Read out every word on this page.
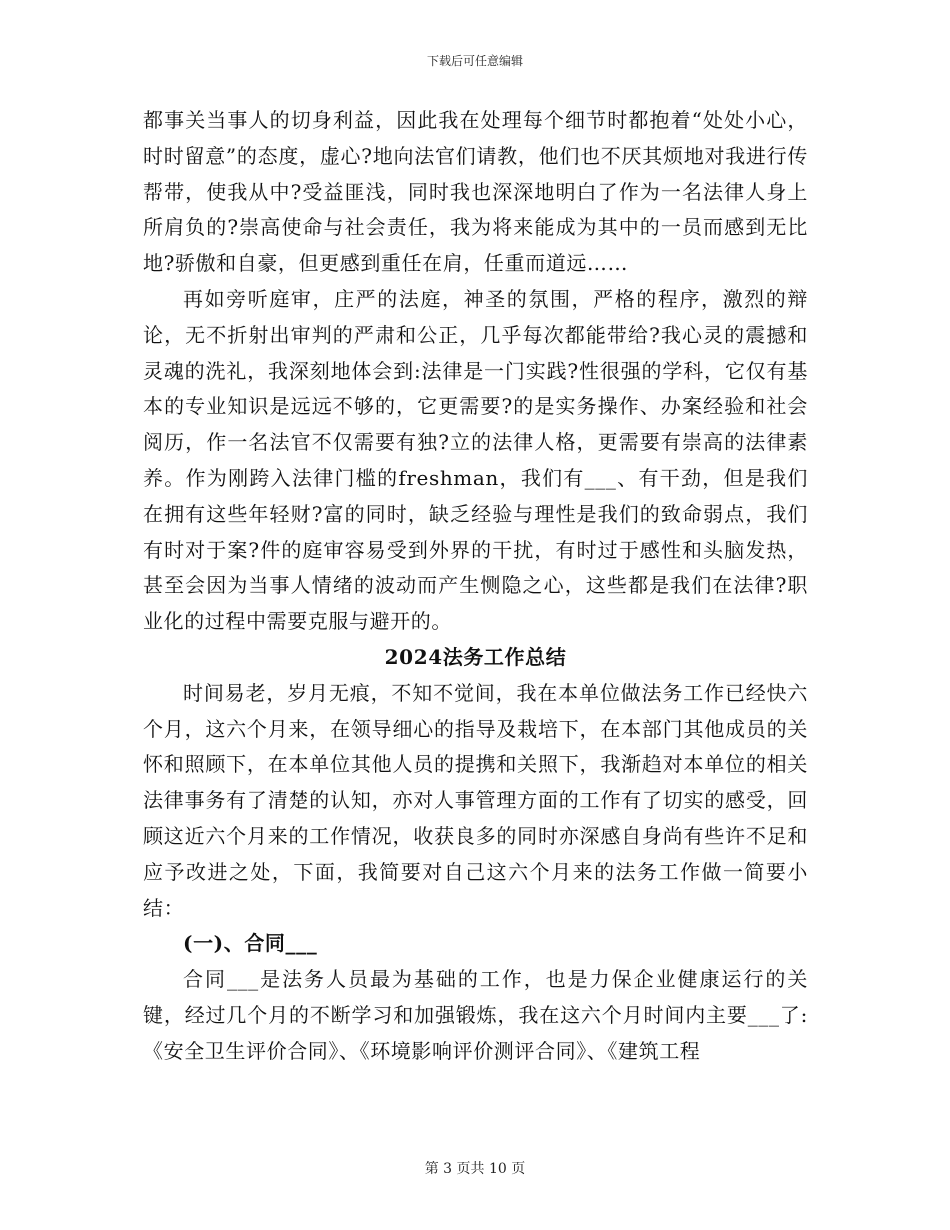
下载后可任意编辑

都事关当事人的切身利益，因此我在处理每个细节时都抱着“处处小心，时时留意”的态度，虚心?地向法官们请教，他们也不厌其烦地对我进行传帮带，使我从中?受益匪浅，同时我也深深地明白了作为一名法律人身上所肩负的?崇高使命与社会责任，我为将来能成为其中的一员而感到无比地?骄傲和自豪，但更感到重任在肩，任重而道远……

再如旁听庭审，庄严的法庭，神圣的氛围，严格的程序，激烈的辩论，无不折射出审判的严肃和公正，几乎每次都能带给?我心灵的震撼和灵魂的洗礼，我深刻地体会到:法律是一门实践?性很强的学科，它仅有基本的专业知识是远远不够的，它更需要?的是实务操作、办案经验和社会阅历，作一名法官不仅需要有独?立的法律人格，更需要有崇高的法律素养。作为刚跨入法律门槛的freshman，我们有___、有干劲，但是我们在拥有这些年轻财?富的同时，缺乏经验与理性是我们的致命弱点，我们有时对于案?件的庭审容易受到外界的干扰，有时过于感性和头脑发热，甚至会因为当事人情绪的波动而产生恻隐之心，这些都是我们在法律?职业化的过程中需要克服与避开的。

2024法务工作总结

时间易老，岁月无痕，不知不觉间，我在本单位做法务工作已经快六个月，这六个月来，在领导细心的指导及栽培下，在本部门其他成员的关怀和照顾下，在本单位其他人员的提携和关照下，我渐趋对本单位的相关法律事务有了清楚的认知，亦对人事管理方面的工作有了切实的感受，回顾这近六个月来的工作情况，收获良多的同时亦深感自身尚有些许不足和应予改进之处，下面，我简要对自己这六个月来的法务工作做一简要小结：

(一)、合同___

合同___是法务人员最为基础的工作，也是力保企业健康运行的关键，经过几个月的不断学习和加强锻炼，我在这六个月时间内主要___了:《安全卫生评价合同》、《环境影响评价测评合同》、《建筑工程

第 3 页共 10 页
